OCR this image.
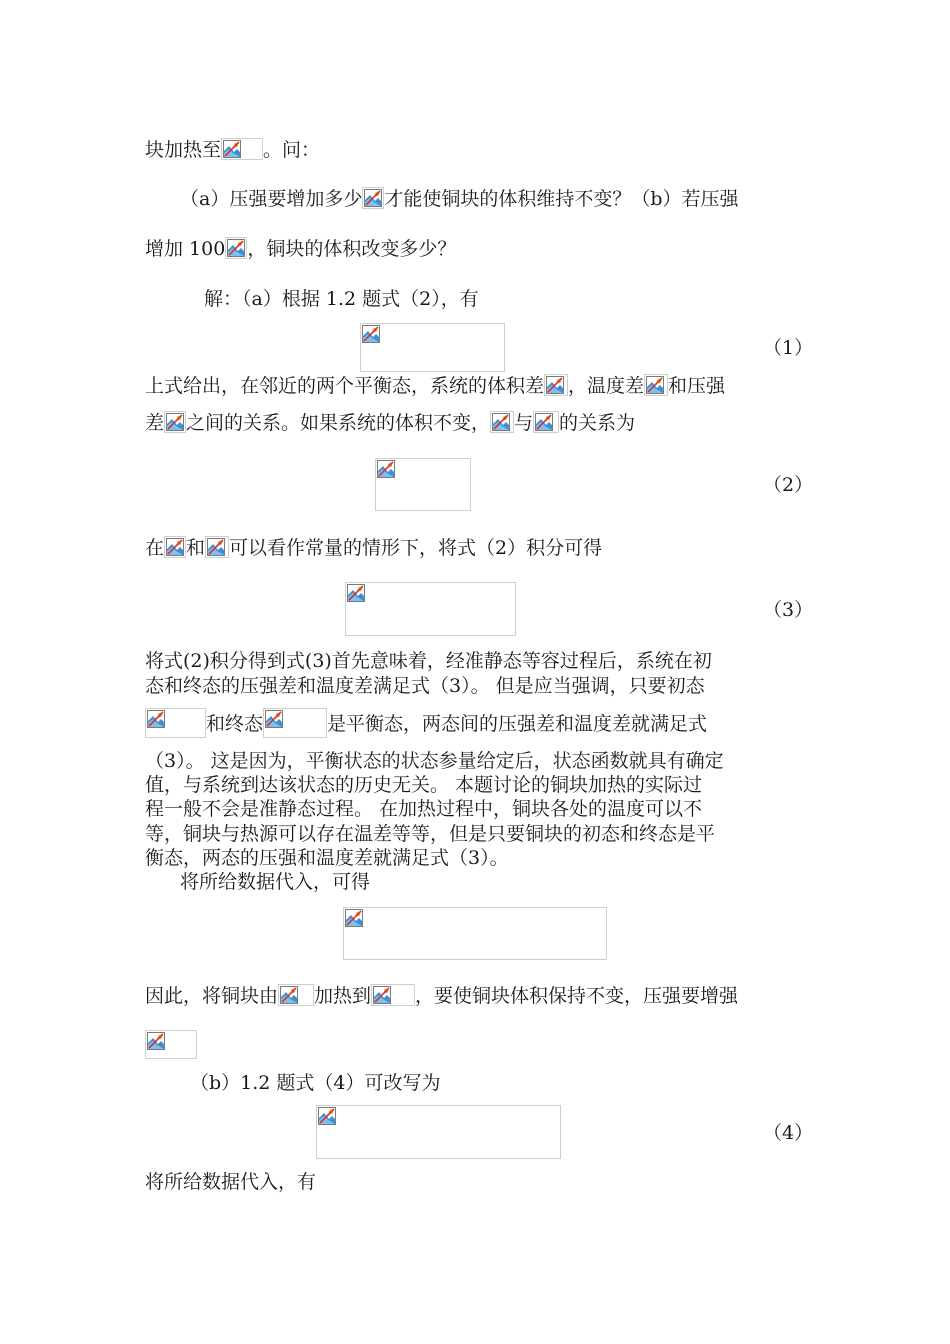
块加热至 。问：
（a）压强要增加多少 才能使铜块的体积维持不变？（b）若压强
增加 100 ，铜块的体积改变多少？
解：（a）根据 1.2 题式（2），有
（1）
上式给出，在邻近的两个平衡态，系统的体积差 ，温度差 和压强
差 之间的关系。如果系统的体积不变， 与 的关系为
（2）
在 和 可以看作常量的情形下，将式（2）积分可得
（3）
将式(2)积分得到式(3)首先意味着，经准静态等容过程后，系统在初
态和终态的压强差和温度差满足式（3）。 但是应当强调，只要初态
和终态	是平衡态，两态间的压强差和温度差就满足式
（3）。 这是因为，平衡状态的状态参量给定后，状态函数就具有确定
值，与系统到达该状态的历史无关。 本题讨论的铜块加热的实际过
程一般不会是准静态过程。 在加热过程中，铜块各处的温度可以不
等，铜块与热源可以存在温差等等，但是只要铜块的初态和终态是平
衡态，两态的压强和温度差就满足式（3）。
将所给数据代入，可得
因此，将铜块由 加热到 ，要使铜块体积保持不变，压强要增强
（b）1.2 题式（4）可改写为
（4）
将所给数据代入，有
